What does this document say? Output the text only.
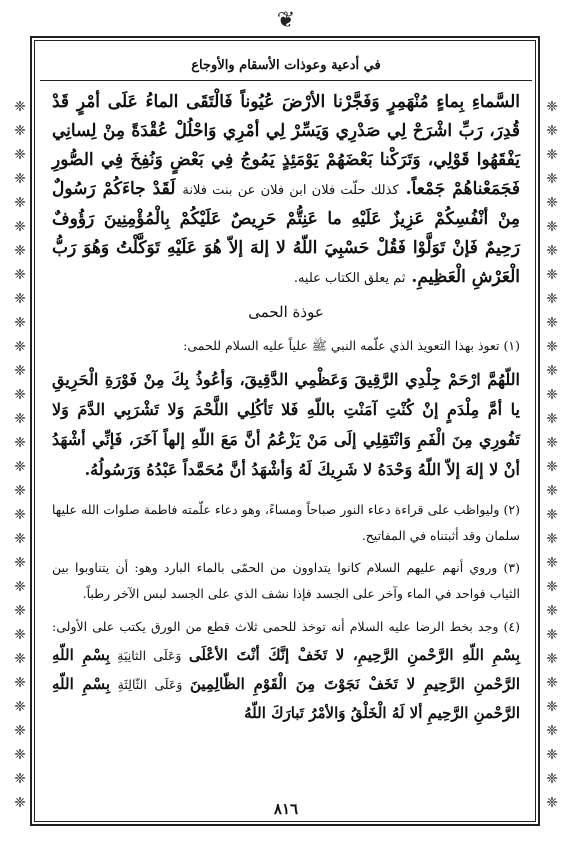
❦
❈ ❈ ❈ ❈ ❈ ❈ ❈ ❈ ❈ ❈ ❈ ❈ ❈ ❈ ❈ ❈ ❈ ❈ ❈ ❈ ❈ ❈ ❈ ❈ ❈ ❈ ❈ ❈ ❈ ❈
❈ ❈ ❈ ❈ ❈ ❈ ❈ ❈ ❈ ❈ ❈ ❈ ❈ ❈ ❈ ❈ ❈ ❈ ❈ ❈ ❈ ❈ ❈ ❈ ❈ ❈ ❈ ❈ ❈ ❈
في أدعية وعوذات الأسقام والأوجاع

السَّماءِ بِماءٍ مُنْهَمِرٍ وَفَجَّرْنا الأرْضَ عُيُوناً فَالْتَقَى الماءُ عَلَى أمْرٍ قَدْ قُدِرَ، رَبِّ اشْرَحْ لِي صَدْرِي وَيَسِّرْ لِي أمْرِي وَاحْلُلْ عُقْدَةً مِنْ لِسانِي يَفْقَهُوا قَوْلِي، وَتَرَكْنا بَعْضَهُمْ يَوْمَئِذٍ يَمُوجُ فِي بَعْضٍ وَنُفِخَ فِي الصُّورِ فَجَمَعْناهُمْ جَمْعاً. كذلك حلّت فلان ابن فلان عن بنت فلانة لَقَدْ جاءَكُمْ رَسُولٌ مِنْ أنْفُسِكُمْ عَزِيزٌ عَلَيْهِ ما عَنِتُّمْ حَرِيصٌ عَلَيْكُمْ بِالْمُؤْمِنِينَ رَؤُوفٌ رَحِيمٌ فَإنْ تَوَلَّوْا فَقُلْ حَسْبِيَ اللّهُ لا إلهَ إلاّ هُوَ عَلَيْهِ تَوَكَّلْتُ وَهُوَ رَبُّ الْعَرْشِ الْعَظِيمِ. ثم يعلق الكتاب عليه.

عوذة الحمى

(١) تعوذ بهذا التعويذ الذي علّمه النبي ﷺ علياً عليه السلام للحمى:

اللّهُمَّ ارْحَمْ جِلْدِي الرَّقِيقَ وَعَظْمِي الدَّقِيقَ، وَأعُوذُ بِكَ مِنْ فَوْرَةِ الْحَرِيقِ يا أمَّ مِلْدَمٍ إنْ كُنْتِ آمَنْتِ باللّهِ فَلا تَأكُلِي اللَّحْمَ وَلا تَشْرَبِي الدَّمَ وَلا تَفُورِي مِنَ الْفَمِ وَانْتَقِلِي إلَى مَنْ يَزْعُمُ أنَّ مَعَ اللّهِ إلهاً آخَرَ، فَإنِّي أشْهَدُ أنْ لا إلهَ إلاّ اللّهُ وَحْدَهُ لا شَرِيكَ لَهُ وَأشْهَدُ أنَّ مُحَمَّداً عَبْدُهُ وَرَسُولُهُ.

(٢) وليواظب على قراءة دعاء النور صباحاً ومساءً، وهو دعاء علّمته فاطمة صلوات الله عليها سلمان وقد أثبتناه في المفاتيح.

(٣) وروي أنهم عليهم السلام كانوا يتداوون من الحمّى بالماء البارد وهو: أن يتناوبوا بين الثياب فواحد في الماء وآخر على الجسد فإذا نشف الذي على الجسد لبس الآخر رطباً.

(٤) وجد بخط الرضا عليه السلام أنه توخذ للحمى ثلاث قطع من الورق يكتب على الأولى: بِسْمِ اللّهِ الرَّحْمنِ الرَّحِيمِ، لا تَخَفْ إنَّكَ أنْتَ الأعْلَى وَعَلَى الثانِيَةِ بِسْمِ اللّهِ الرَّحْمنِ الرَّحِيمِ لا تَخَفْ نَجَوْتَ مِنَ الْقَوْمِ الظّالِمِينَ وَعَلَى الثّالِثَةِ بِسْمِ اللّهِ الرَّحْمنِ الرَّحِيمِ ألا لَهُ الْخَلْقُ وَالأمْرُ تَبارَكَ اللّهُ

٨١٦
